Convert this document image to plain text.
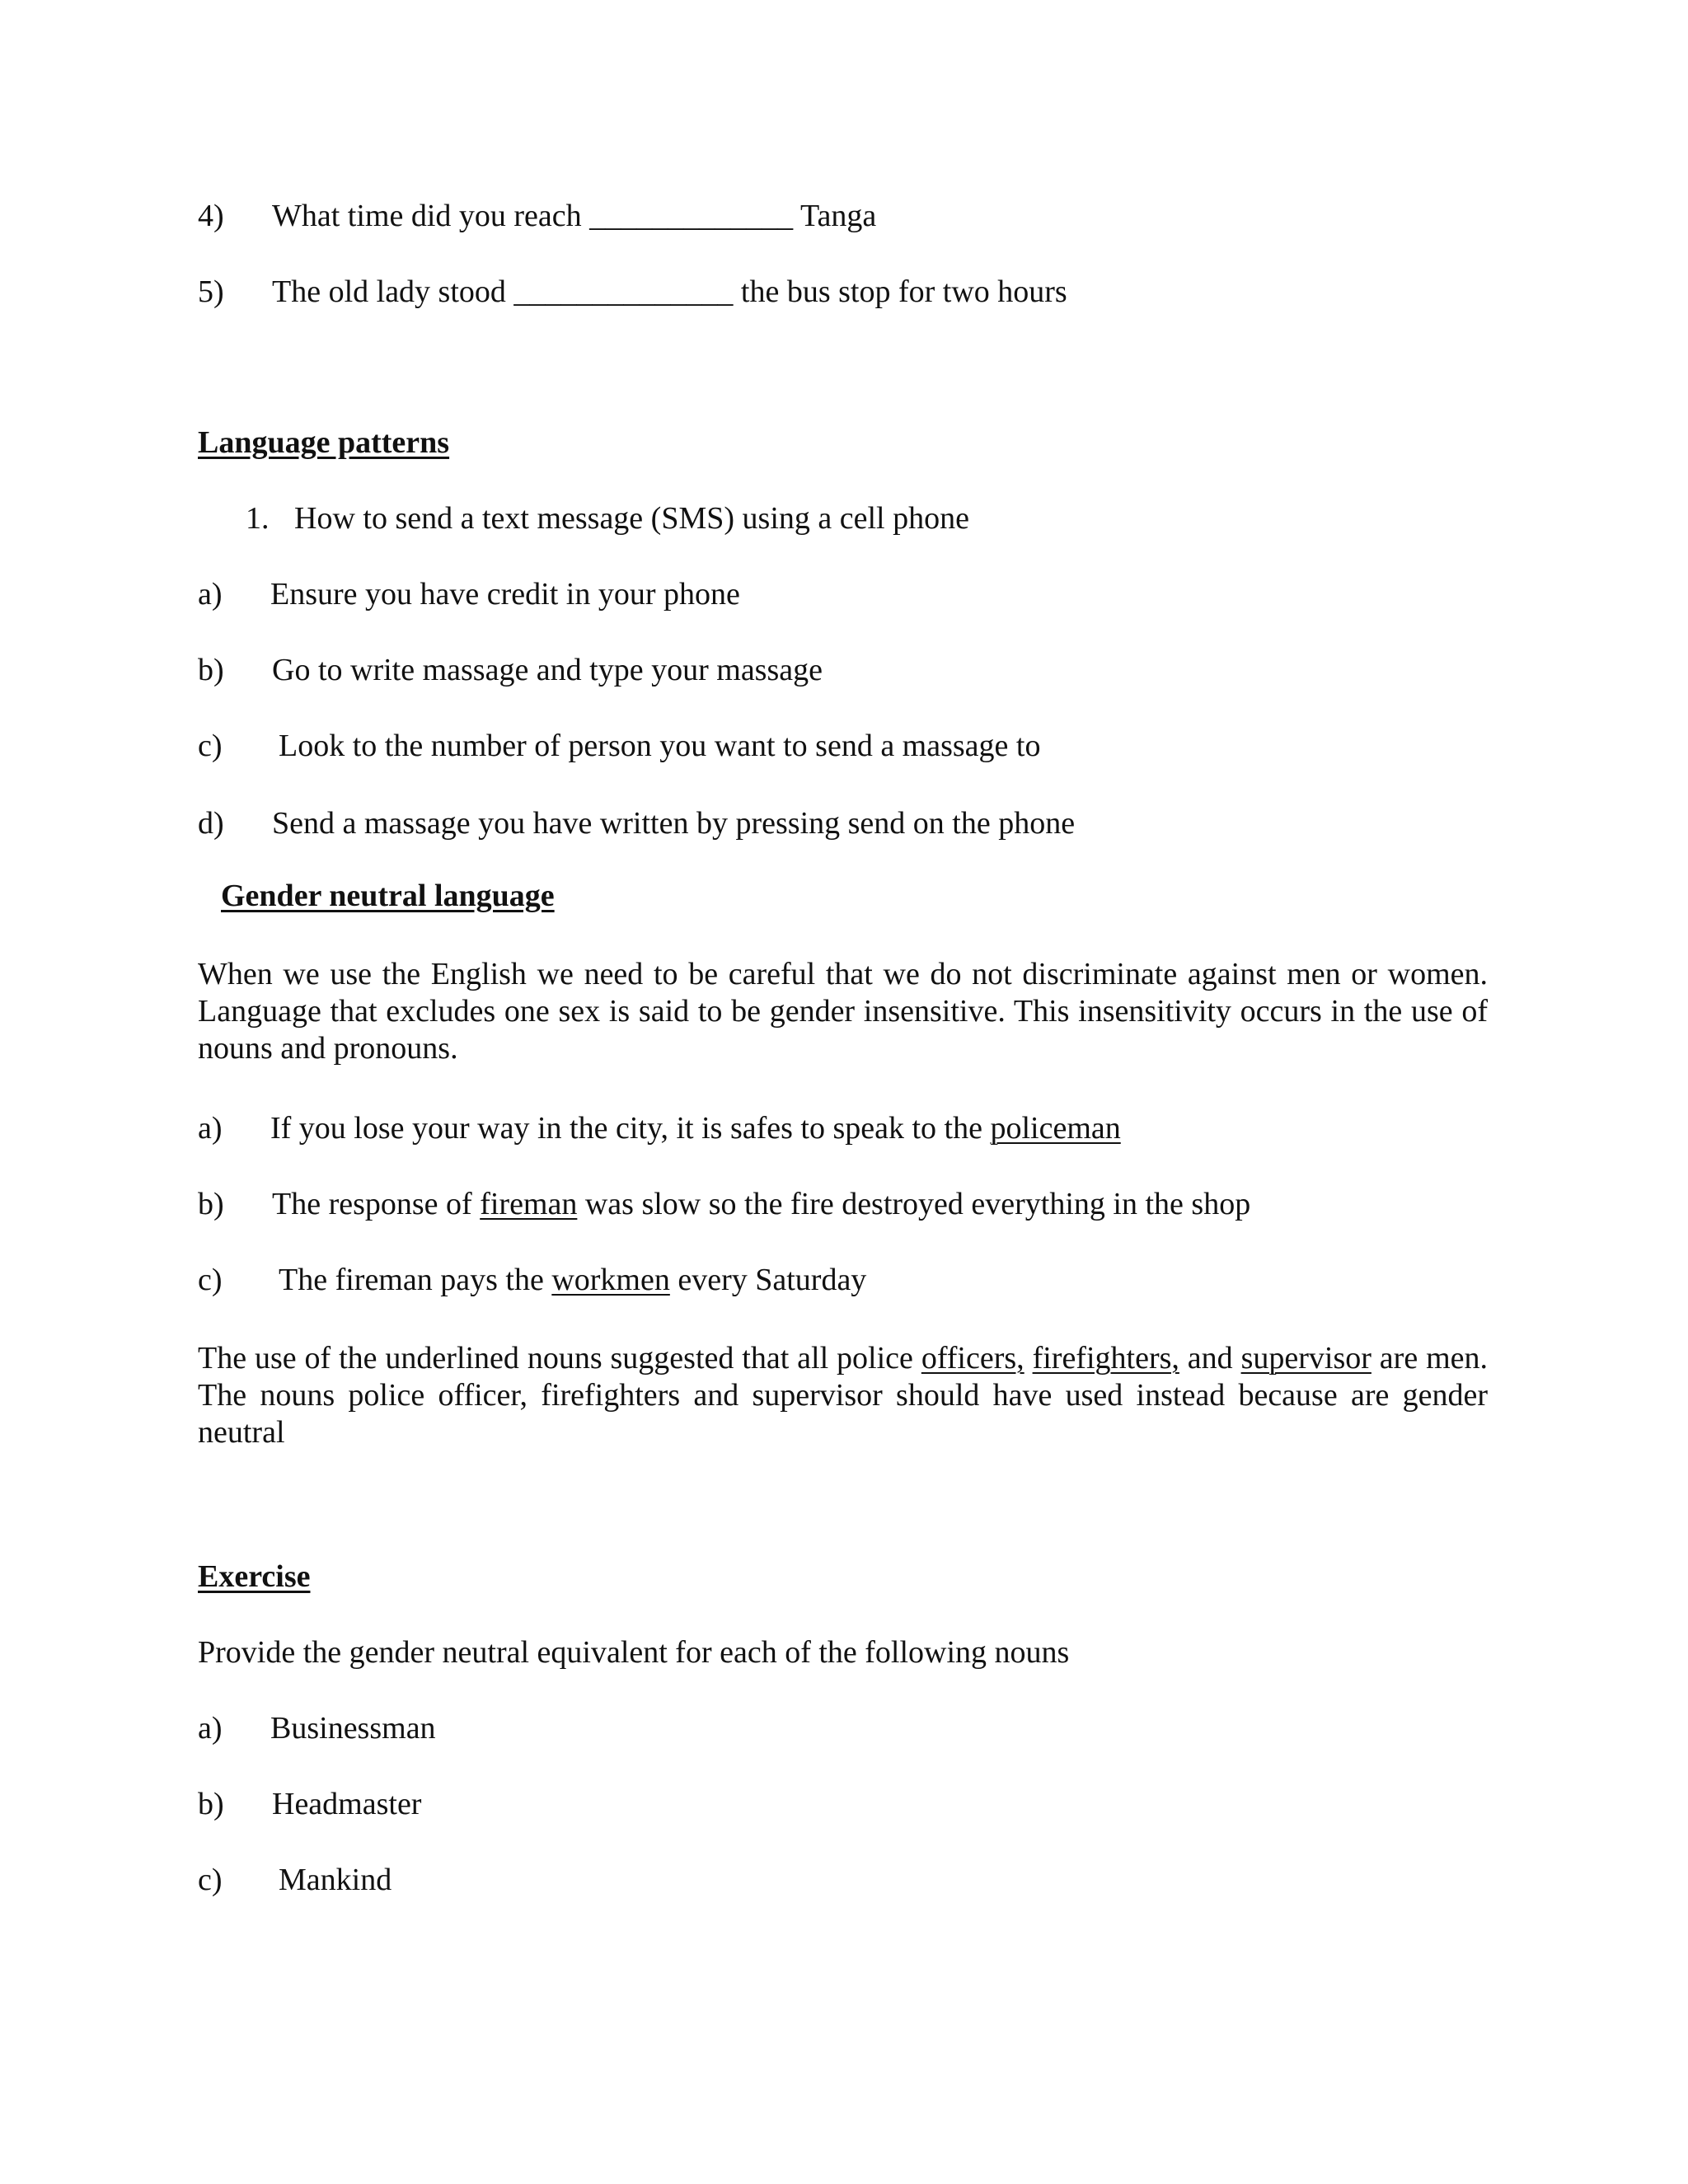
4) What time did you reach _____________ Tanga
5) The old lady stood ______________ the bus stop for two hours
Language patterns
1. How to send a text message (SMS) using a cell phone
a) Ensure you have credit in your phone
b) Go to write massage and type your massage
c) Look to the number of person you want to send a massage to
d) Send a massage you have written by pressing send on the phone
Gender neutral language
When we use the English we need to be careful that we do not discriminate against men or women. Language that excludes one sex is said to be gender insensitive. This insensitivity occurs in the use of nouns and pronouns.
a) If you lose your way in the city, it is safes to speak to the policeman
b) The response of fireman was slow so the fire destroyed everything in the shop
c) The fireman pays the workmen every Saturday
The use of the underlined nouns suggested that all police officers, firefighters, and supervisor are men. The nouns police officer, firefighters and supervisor should have used instead because are gender neutral
Exercise
Provide the gender neutral equivalent for each of the following nouns
a) Businessman
b) Headmaster
c) Mankind
